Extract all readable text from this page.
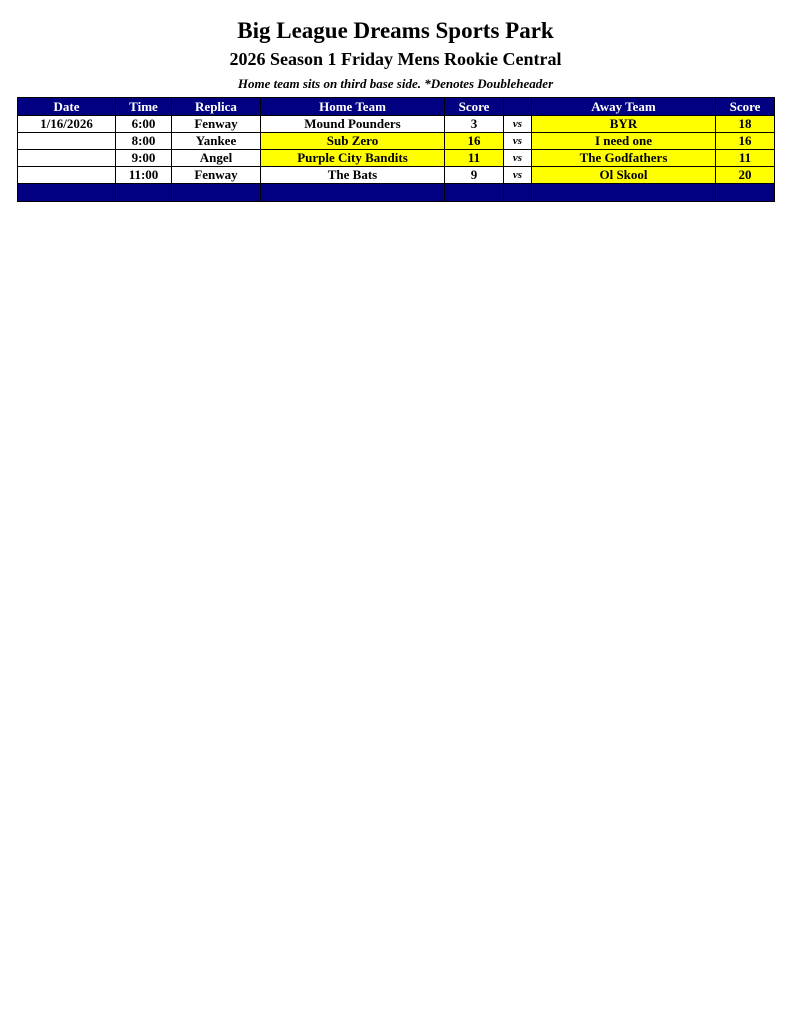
Big League Dreams Sports Park
2026 Season 1 Friday Mens Rookie Central
Home team sits on third base side. *Denotes Doubleheader
Date	Time	Replica	Home Team	Score		Away Team	Score
1/16/2026	6:00	Fenway	Mound Pounders	3	vs	BYR	18
	8:00	Yankee	Sub Zero	16	vs	I need one	16
	9:00	Angel	Purple City Bandits	11	vs	The Godfathers	11
	11:00	Fenway	The Bats	9	vs	Ol Skool	20
